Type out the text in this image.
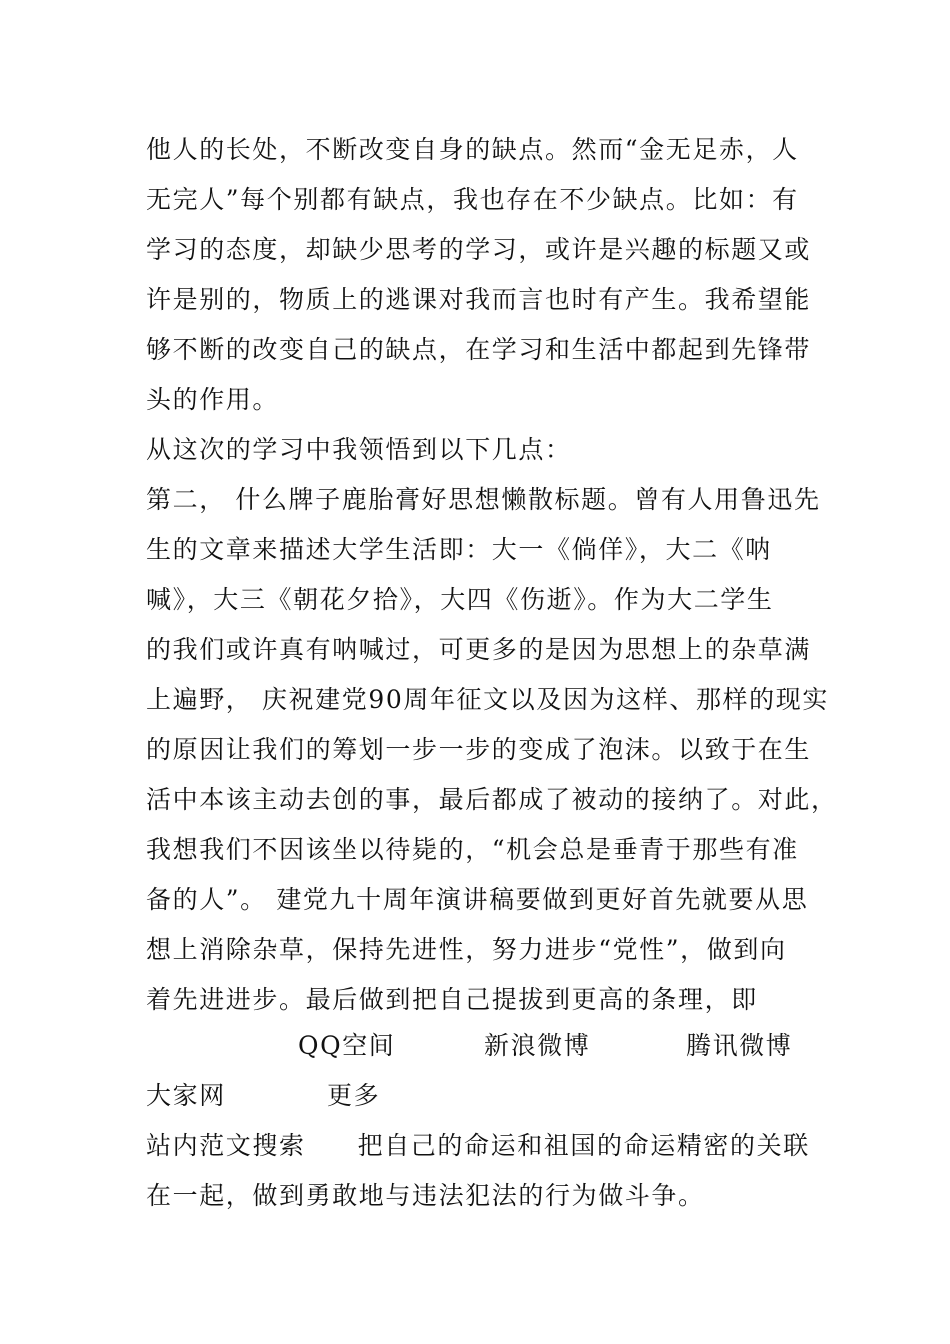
他人的长处，不断改变自身的缺点。然而“金无足赤，人
无完人”每个别都有缺点，我也存在不少缺点。比如：有
学习的态度，却缺少思考的学习，或许是兴趣的标题又或
许是别的，物质上的逃课对我而言也时有产生。我希望能
够不断的改变自己的缺点，在学习和生活中都起到先锋带
头的作用。
从这次的学习中我领悟到以下几点：
第二， 什么牌子鹿胎膏好思想懒散标题。曾有人用鲁迅先
生的文章来描述大学生活即：大一《倘佯》，大二《呐
喊》，大三《朝花夕拾》，大四《伤逝》。作为大二学生
的我们或许真有呐喊过，可更多的是因为思想上的杂草满
上遍野， 庆祝建党90周年征文以及因为这样、那样的现实
的原因让我们的筹划一步一步的变成了泡沫。以致于在生
活中本该主动去创的事，最后都成了被动的接纳了。对此，
我想我们不因该坐以待毙的，“机会总是垂青于那些有准
备的人”。 建党九十周年演讲稿要做到更好首先就要从思
想上消除杂草，保持先进性，努力进步“党性”，做到向
着先进进步。最后做到把自己提拔到更高的条理，即
QQ空间	新浪微博	腾讯微博
大家网	更多
站内范文搜索 把自己的命运和祖国的命运精密的关联
在一起，做到勇敢地与违法犯法的行为做斗争。
